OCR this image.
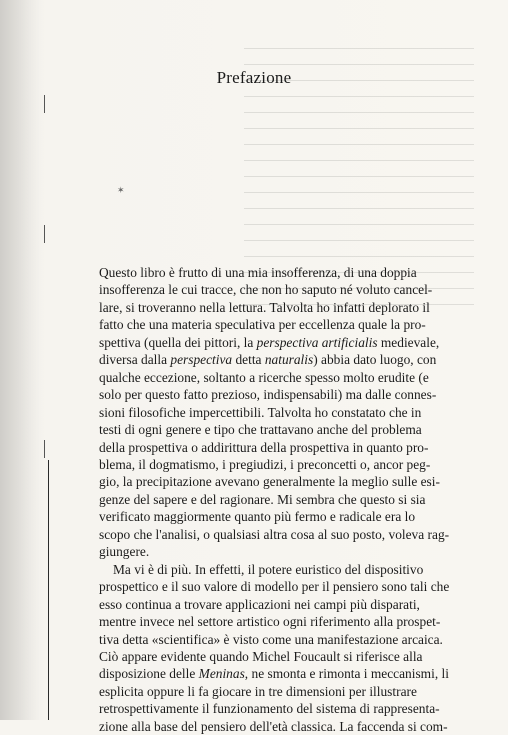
✶
Prefazione
Questo libro è frutto di una mia insofferenza, di una doppia
insofferenza le cui tracce, che non ho saputo né voluto cancel-
lare, si troveranno nella lettura. Talvolta ho infatti deplorato il
fatto che una materia speculativa per eccellenza quale la pro-
spettiva (quella dei pittori, la perspectiva artificialis medievale,
diversa dalla perspectiva detta naturalis) abbia dato luogo, con
qualche eccezione, soltanto a ricerche spesso molto erudite (e
solo per questo fatto prezioso, indispensabili) ma dalle connes-
sioni filosofiche impercettibili. Talvolta ho constatato che in
testi di ogni genere e tipo che trattavano anche del problema
della prospettiva o addirittura della prospettiva in quanto pro-
blema, il dogmatismo, i pregiudizi, i preconcetti o, ancor peg-
gio, la precipitazione avevano generalmente la meglio sulle esi-
genze del sapere e del ragionare. Mi sembra che questo si sia
verificato maggiormente quanto più fermo e radicale era lo
scopo che l'analisi, o qualsiasi altra cosa al suo posto, voleva rag-
giungere.
Ma vi è di più. In effetti, il potere euristico del dispositivo
prospettico e il suo valore di modello per il pensiero sono tali che
esso continua a trovare applicazioni nei campi più disparati,
mentre invece nel settore artistico ogni riferimento alla prospet-
tiva detta «scientifica» è visto come una manifestazione arcaica.
Ciò appare evidente quando Michel Foucault si riferisce alla
disposizione delle Meninas, ne smonta e rimonta i meccanismi, li
esplicita oppure li fa giocare in tre dimensioni per illustrare
retrospettivamente il funzionamento del sistema di rappresenta-
zione alla base del pensiero dell'età classica. La faccenda si com-
